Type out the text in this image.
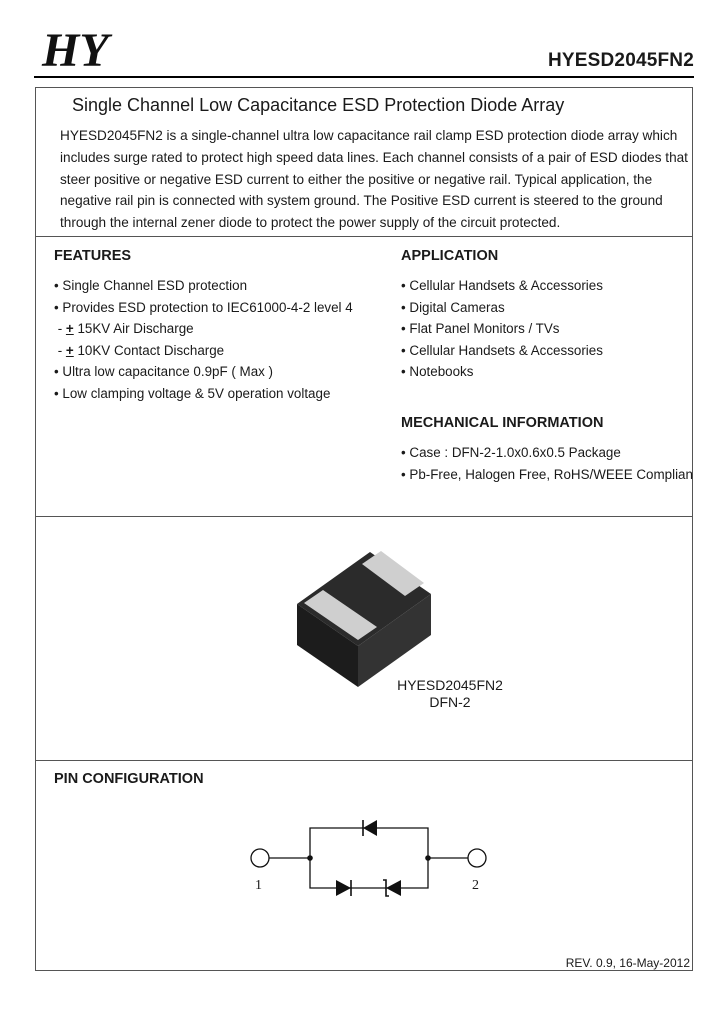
HY	HYESD2045FN2
Single Channel Low Capacitance ESD Protection Diode Array
HYESD2045FN2 is a single-channel ultra low capacitance rail clamp ESD protection diode array which
includes surge rated to protect high speed data lines. Each channel consists of a pair of ESD diodes that
steer positive or negative ESD current to either the positive or negative rail. Typical application, the
negative rail pin is connected with system ground. The Positive ESD current is steered to the ground
through the internal zener diode to protect the power supply of the circuit protected.
FEATURES
• Single Channel ESD protection
• Provides ESD protection to IEC61000-4-2 level 4
- + 15KV Air Discharge
- + 10KV Contact Discharge
• Ultra low capacitance 0.9pF ( Max )
• Low clamping voltage & 5V operation voltage
APPLICATION
• Cellular Handsets & Accessories
• Digital Cameras
• Flat Panel Monitors / TVs
• Cellular Handsets & Accessories
• Notebooks
MECHANICAL INFORMATION
• Case : DFN-2-1.0x0.6x0.5 Package
• Pb-Free, Halogen Free, RoHS/WEEE Complian
HYESD2045FN2
DFN-2
PIN CONFIGURATION
1	2
REV. 0.9, 16-May-2012
